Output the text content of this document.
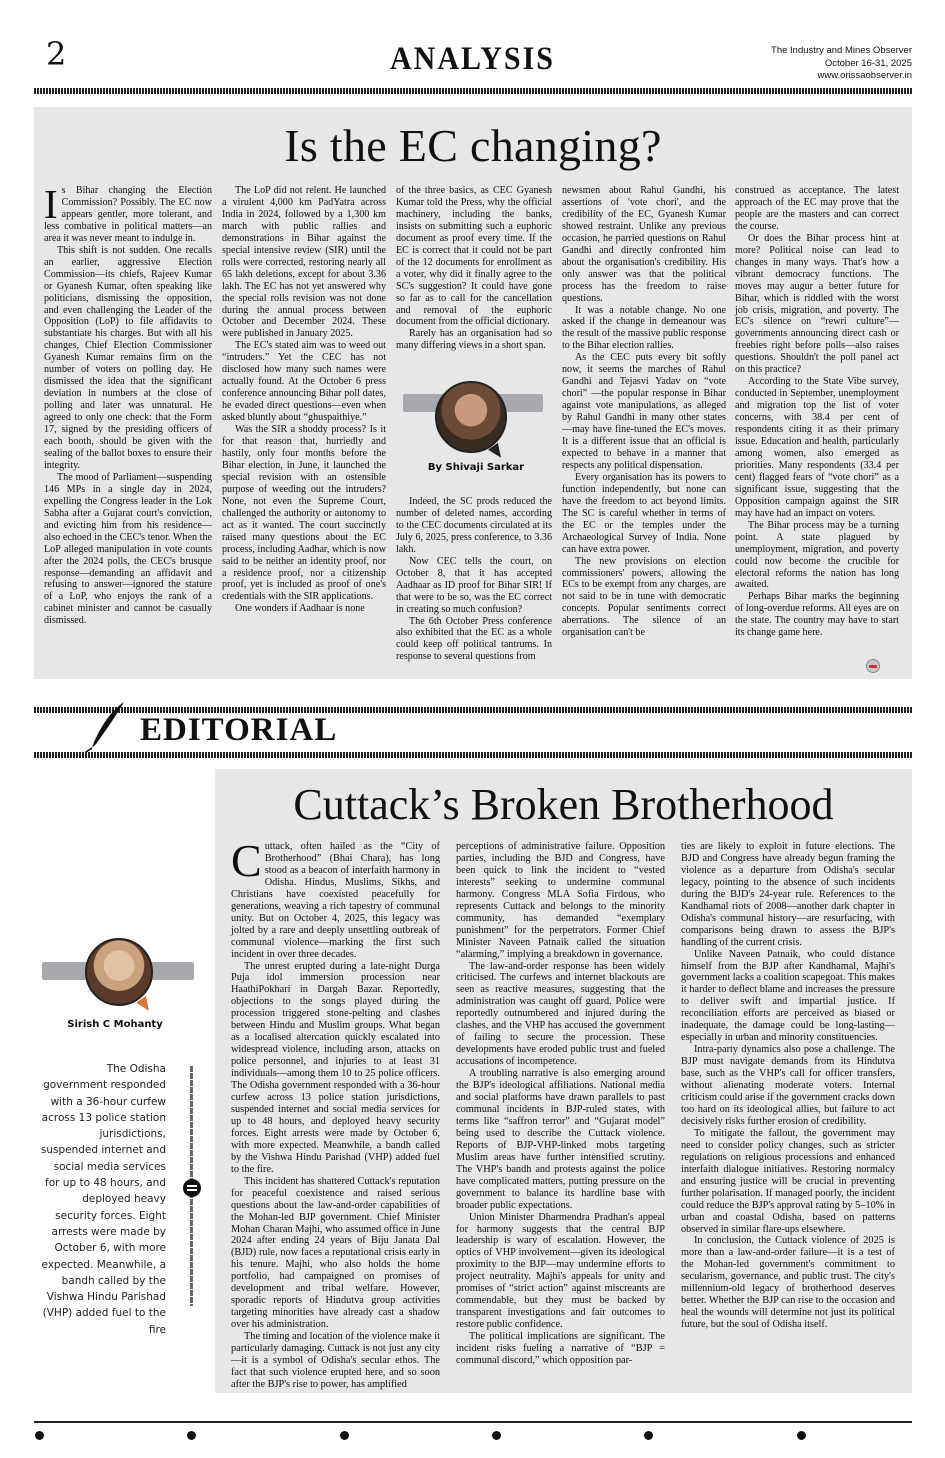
2	ANALYSIS	The Industry and Mines Observer
October 16-31, 2025
www.orissaobserver.in
Is the EC changing?

Is Bihar changing the Election Commission? Possibly. The EC now appears gentler, more tolerant, and less combative in political matters—an area it was never meant to indulge in.

This shift is not sudden. One recalls an earlier, aggressive Election Commission—its chiefs, Rajeev Kumar or Gyanesh Kumar, often speaking like politicians, dismissing the opposition, and even challenging the Leader of the Opposition (LoP) to file affidavits to substantiate his charges. But with all his changes, Chief Election Commissioner Gyanesh Kumar remains firm on the number of voters on polling day. He dismissed the idea that the significant deviation in numbers at the close of polling and later was unnatural. He agreed to only one check: that the Form 17, signed by the presiding officers of each booth, should be given with the sealing of the ballot boxes to ensure their integrity.

The mood of Parliament—suspending 146 MPs in a single day in 2024, expelling the Congress leader in the Lok Sabha after a Gujarat court's conviction, and evicting him from his residence— also echoed in the CEC's tenor. When the LoP alleged manipulation in vote counts after the 2024 polls, the CEC's brusque response—demanding an affidavit and refusing to answer—ignored the stature of a LoP, who enjoys the rank of a cabinet minister and cannot be casually dismissed.

The LoP did not relent. He launched a virulent 4,000 km PadYatra across India in 2024, followed by a 1,300 km march with public rallies and demonstrations in Bihar against the special intensive review (SIR) until the rolls were corrected, restoring nearly all 65 lakh deletions, except for about 3.36 lakh. The EC has not yet answered why the special rolls revision was not done during the annual process between October and December 2024. These were published in January 2025.

The EC's stated aim was to weed out “intruders.” Yet the CEC has not disclosed how many such names were actually found. At the October 6 press conference announcing Bihar poll dates, he evaded direct questions—even when asked bluntly about “ghuspaithiye.”

Was the SIR a shoddy process? Is it for that reason that, hurriedly and hastily, only four months before the Bihar election, in June, it launched the special revision with an ostensible purpose of weeding out the intruders? None, not even the Supreme Court, challenged the authority or autonomy to act as it wanted. The court succinctly raised many questions about the EC process, including Aadhar, which is now said to be neither an identity proof, nor a residence proof, nor a citizenship proof, yet is included as proof of one's credentials with the SIR applications.

One wonders if Aadhaar is none

of the three basics, as CEC Gyanesh Kumar told the Press, why the official machinery, including the banks, insists on submitting such a euphoric document as proof every time. If the EC is correct that it could not be part of the 12 documents for enrollment as a voter, why did it finally agree to the SC's suggestion? It could have gone so far as to call for the cancellation and removal of the euphoric document from the official dictionary.

Rarely has an organisation had so many differing views in a short span.

By Shivaji Sarkar

Indeed, the SC prods reduced the number of deleted names, according to the CEC documents circulated at its July 6, 2025, press conference, to 3.36 lakh.

Now CEC tells the court, on October 8, that it has accepted Aadhaar as ID proof for Bihar SIR! If that were to be so, was the EC correct in creating so much confusion?

The 6th October Press conference also exhibited that the EC as a whole could keep off political tantrums. In response to several questions from

newsmen about Rahul Gandhi, his assertions of 'vote chori', and the credibility of the EC, Gyanesh Kumar showed restraint. Unlike any previous occasion, he parried questions on Rahul Gandhi and directly confronted him about the organisation's credibility. His only answer was that the political process has the freedom to raise questions.

It was a notable change. No one asked if the change in demeanour was the result of the massive public response to the Bihar election rallies.

As the CEC puts every bit softly now, it seems the marches of Rahul Gandhi and Tejasvi Yadav on “vote chori” —the popular response in Bihar against vote manipulations, as alleged by Rahul Gandhi in many other states —may have fine-tuned the EC's moves. It is a different issue that an official is expected to behave in a manner that respects any political dispensation.

Every organisation has its powers to function independently, but none can have the freedom to act beyond limits. The SC is careful whether in terms of the EC or the temples under the Archaeological Survey of India. None can have extra power.

The new provisions on election commissioners' powers, allowing the ECs to be exempt from any charges, are not said to be in tune with democratic concepts. Popular sentiments correct aberrations. The silence of an organisation can't be

construed as acceptance. The latest approach of the EC may prove that the people are the masters and can correct the course.

Or does the Bihar process hint at more? Political noise can lead to changes in many ways. That's how a vibrant democracy functions. The moves may augur a better future for Bihar, which is riddled with the worst job crisis, migration, and poverty. The EC's silence on “rewri culture”—governments announcing direct cash or freebies right before polls—also raises questions. Shouldn't the poll panel act on this practice?

According to the State Vibe survey, conducted in September, unemployment and migration top the list of voter concerns, with 38.4 per cent of respondents citing it as their primary issue. Education and health, particularly among women, also emerged as priorities. Many respondents (33.4 per cent) flagged fears of “vote chori” as a significant issue, suggesting that the Opposition campaign against the SIR may have had an impact on voters.

The Bihar process may be a turning point. A state plagued by unemployment, migration, and poverty could now become the crucible for electoral reforms the nation has long awaited.

Perhaps Bihar marks the beginning of long-overdue reforms. All eyes are on the state. The country may have to start its change game here.

EDITORIAL
Sirish C Mohanty
The Odisha government responded with a 36-hour curfew across 13 police station jurisdictions, suspended internet and social media services for up to 48 hours, and deployed heavy security forces. Eight arrests were made by October 6, with more expected. Meanwhile, a bandh called by the Vishwa Hindu Parishad (VHP) added fuel to the fire
Cuttack’s Broken Brotherhood

Cuttack, often hailed as the “City of Brotherhood” (Bhai Chara), has long stood as a beacon of interfaith harmony in Odisha. Hindus, Muslims, Sikhs, and Christians have coexisted peacefully for generations, weaving a rich tapestry of communal unity. But on October 4, 2025, this legacy was jolted by a rare and deeply unsettling outbreak of communal violence—marking the first such incident in over three decades.

The unrest erupted during a late-night Durga Puja idol immersion procession near HaathiPokhari in Dargah Bazar. Reportedly, objections to the songs played during the procession triggered stone-pelting and clashes between Hindu and Muslim groups. What began as a localised altercation quickly escalated into widespread violence, including arson, attacks on police personnel, and injuries to at least 31 individuals—among them 10 to 25 police officers. The Odisha government responded with a 36-hour curfew across 13 police station jurisdictions, suspended internet and social media services for up to 48 hours, and deployed heavy security forces. Eight arrests were made by October 6, with more expected. Meanwhile, a bandh called by the Vishwa Hindu Parishad (VHP) added fuel to the fire.

This incident has shattered Cuttack's reputation for peaceful coexistence and raised serious questions about the law-and-order capabilities of the Mohan-led BJP government. Chief Minister Mohan Charan Majhi, who assumed office in June 2024 after ending 24 years of Biju Janata Dal (BJD) rule, now faces a reputational crisis early in his tenure. Majhi, who also holds the home portfolio, had campaigned on promises of development and tribal welfare. However, sporadic reports of Hindutva group activities targeting minorities have already cast a shadow over his administration.

The timing and location of the violence make it particularly damaging. Cuttack is not just any city—it is a symbol of Odisha's secular ethos. The fact that such violence erupted here, and so soon after the BJP's rise to power, has amplified

perceptions of administrative failure. Opposition parties, including the BJD and Congress, have been quick to link the incident to “vested interests” seeking to undermine communal harmony. Congress MLA Sofia Firdous, who represents Cuttack and belongs to the minority community, has demanded “exemplary punishment” for the perpetrators. Former Chief Minister Naveen Patnaik called the situation “alarming,” implying a breakdown in governance.

The law-and-order response has been widely criticised. The curfews and internet blackouts are seen as reactive measures, suggesting that the administration was caught off guard. Police were reportedly outnumbered and injured during the clashes, and the VHP has accused the government of failing to secure the procession. These developments have eroded public trust and fueled accusations of incompetence.

A troubling narrative is also emerging around the BJP's ideological affiliations. National media and social platforms have drawn parallels to past communal incidents in BJP-ruled states, with terms like “saffron terror” and “Gujarat model” being used to describe the Cuttack violence. Reports of BJP-VHP-linked mobs targeting Muslim areas have further intensified scrutiny. The VHP's bandh and protests against the police have complicated matters, putting pressure on the government to balance its hardline base with broader public expectations.

Union Minister Dharmendra Pradhan's appeal for harmony suggests that the central BJP leadership is wary of escalation. However, the optics of VHP involvement—given its ideological proximity to the BJP—may undermine efforts to project neutrality. Majhi's appeals for unity and promises of “strict action” against miscreants are commendable, but they must be backed by transparent investigations and fair outcomes to restore public confidence.

The political implications are significant. The incident risks fueling a narrative of “BJP = communal discord,” which opposition par-

ties are likely to exploit in future elections. The BJD and Congress have already begun framing the violence as a departure from Odisha's secular legacy, pointing to the absence of such incidents during the BJD's 24-year rule. References to the Kandhamal riots of 2008—another dark chapter in Odisha's communal history—are resurfacing, with comparisons being drawn to assess the BJP's handling of the current crisis.

Unlike Naveen Patnaik, who could distance himself from the BJP after Kandhamal, Majhi's government lacks a coalition scapegoat. This makes it harder to deflect blame and increases the pressure to deliver swift and impartial justice. If reconciliation efforts are perceived as biased or inadequate, the damage could be long-lasting—especially in urban and minority constituencies.

Intra-party dynamics also pose a challenge. The BJP must navigate demands from its Hindutva base, such as the VHP's call for officer transfers, without alienating moderate voters. Internal criticism could arise if the government cracks down too hard on its ideological allies, but failure to act decisively risks further erosion of credibility.

To mitigate the fallout, the government may need to consider policy changes, such as stricter regulations on religious processions and enhanced interfaith dialogue initiatives. Restoring normalcy and ensuring justice will be crucial in preventing further polarisation. If managed poorly, the incident could reduce the BJP's approval rating by 5–10% in urban and coastal Odisha, based on patterns observed in similar flare-ups elsewhere.

In conclusion, the Cuttack violence of 2025 is more than a law-and-order failure—it is a test of the Mohan-led government's commitment to secularism, governance, and public trust. The city's millennium-old legacy of brotherhood deserves better. Whether the BJP can rise to the occasion and heal the wounds will determine not just its political future, but the soul of Odisha itself.
